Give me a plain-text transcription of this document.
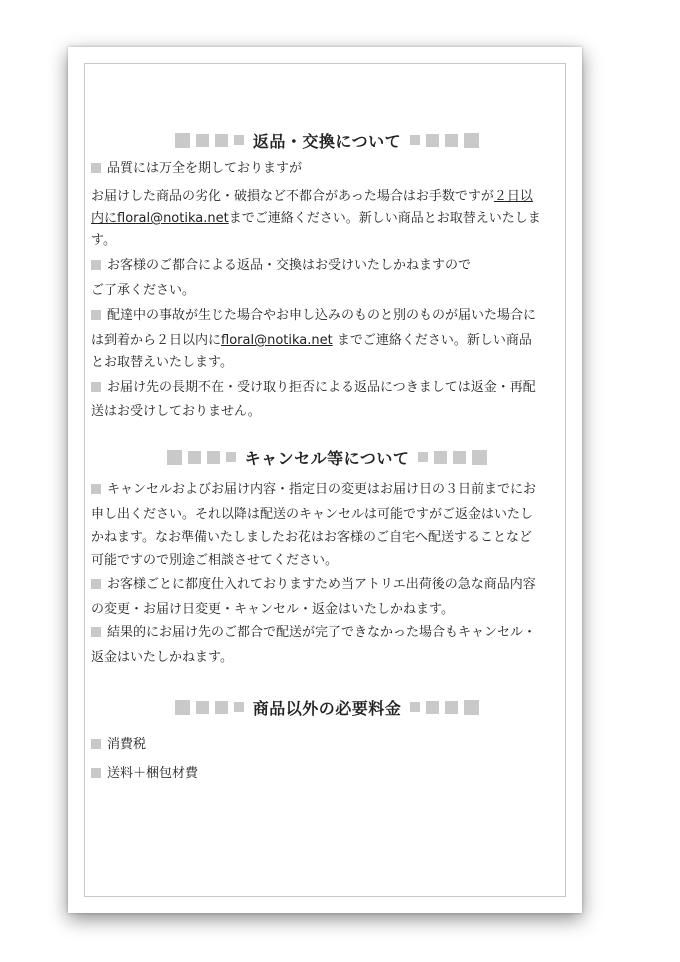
返品・交換について
品質には万全を期しておりますが
お届けした商品の劣化・破損など不都合があった場合はお手数ですが２日以
内にfloral@notika.netまでご連絡ください。新しい商品とお取替えいたしま
す。
お客様のご都合による返品・交換はお受けいたしかねますので
ご了承ください。
配達中の事故が生じた場合やお申し込みのものと別のものが届いた場合に
は到着から２日以内にfloral@notika.net までご連絡ください。新しい商品
とお取替えいたします。
お届け先の長期不在・受け取り拒否による返品につきましては返金・再配
送はお受けしておりません。
キャンセル等について
キャンセルおよびお届け内容・指定日の変更はお届け日の３日前までにお
申し出ください。それ以降は配送のキャンセルは可能ですがご返金はいたし
かねます。なお準備いたしましたお花はお客様のご自宅へ配送することなど
可能ですので別途ご相談させてください。
お客様ごとに都度仕入れておりますため当アトリエ出荷後の急な商品内容
の変更・お届け日変更・キャンセル・返金はいたしかねます。
結果的にお届け先のご都合で配送が完了できなかった場合もキャンセル・
返金はいたしかねます。
商品以外の必要料金
消費税
送料＋梱包材費
